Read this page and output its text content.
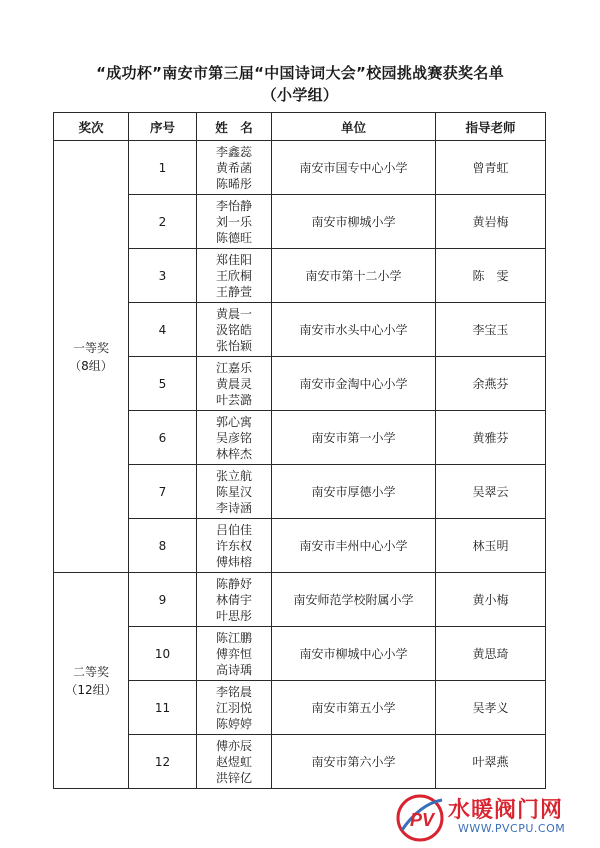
“成功杯”南安市第三届“中国诗词大会”校园挑战赛获奖名单
（小学组）
奖次	序号	姓　名	单位	指导老师

一等奖
（8组）	1	李鑫蕊
黄希菡
陈晞彤	南安市国专中心小学	曾青虹
	2	李怡静
刘一乐
陈德旺	南安市柳城小学	黄岩梅
	3	郑佳阳
王欣桐
王静萱	南安市第十二小学	陈　雯
	4	黄晨一
汲铭皓
张怡颖	南安市水头中心小学	李宝玉
	5	江嘉乐
黄晨灵
叶芸潞	南安市金淘中心小学	余燕芬
	6	郭心寓
吴彦铭
林梓杰	南安市第一小学	黄雅芬
	7	张立航
陈星汉
李诗涵	南安市厚德小学	吴翠云
	8	吕伯佳
许东权
傅炜榕	南安市丰州中心小学	林玉明

二等奖
（12组）	9	陈静妤
林倩宇
叶思彤	南安师范学校附属小学	黄小梅
	10	陈江鹏
傅弈恒
高诗瑀	南安市柳城中心小学	黄思琦
	11	李铭晨
江羽悦
陈婷婷	南安市第五小学	吴孝义
	12	傅亦辰
赵煜虹
洪锌亿	南安市第六小学	叶翠燕
PV 水暖阀门网
WWW.PVCPU.COM
